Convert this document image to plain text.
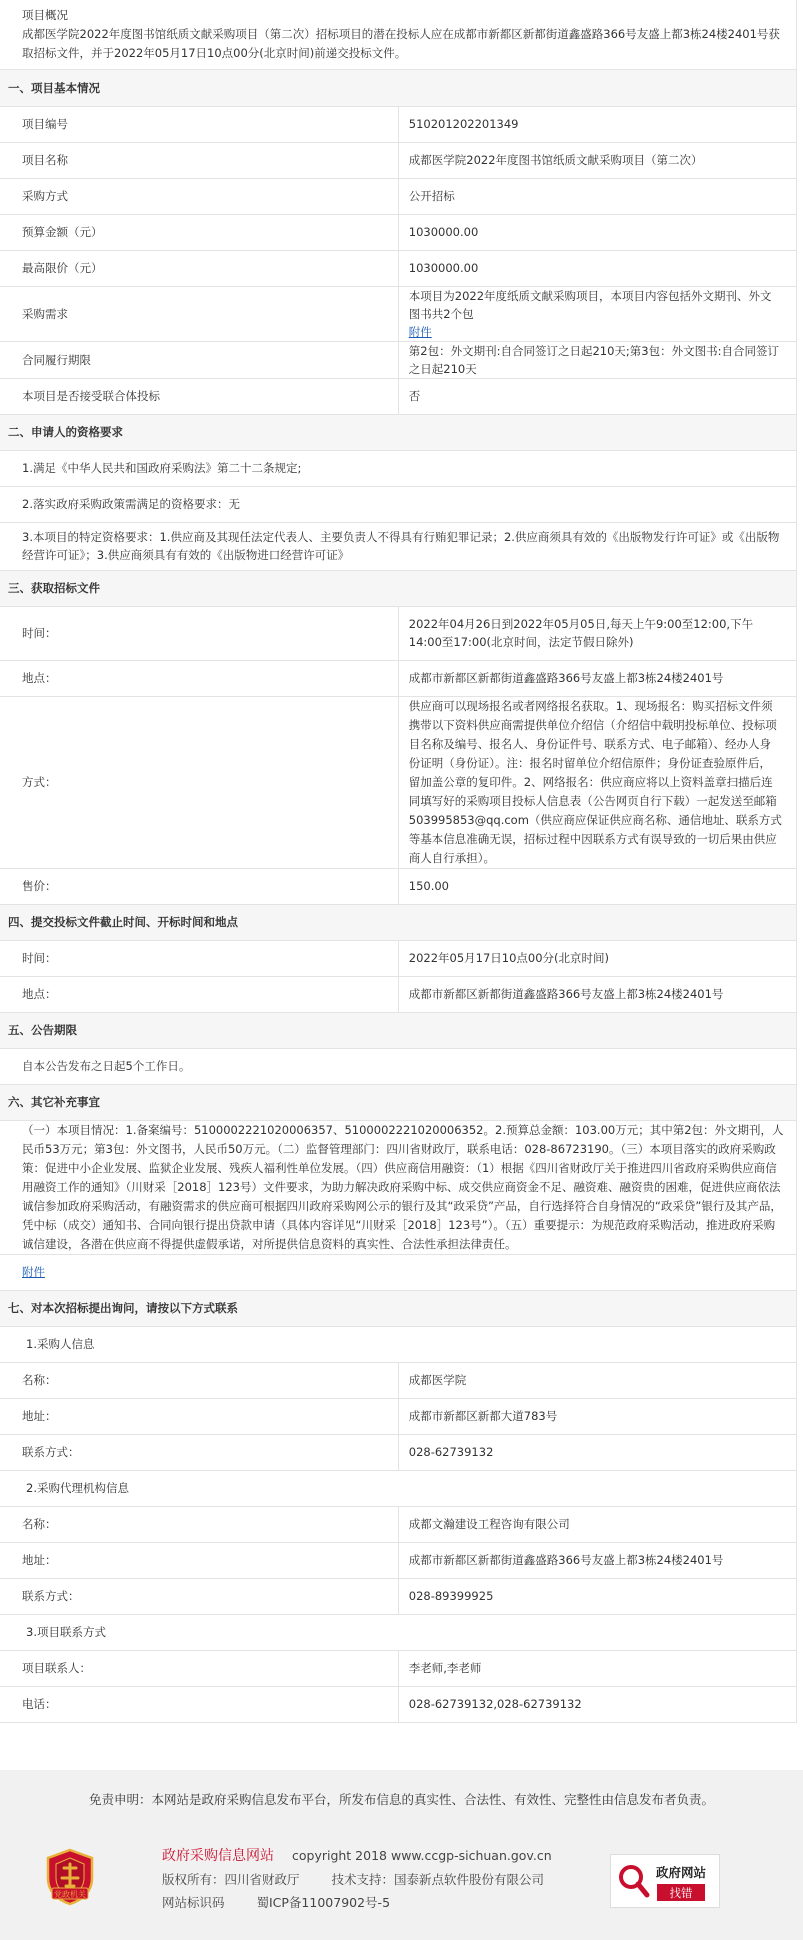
项目概况
成都医学院2022年度图书馆纸质文献采购项目（第二次）招标项目的潜在投标人应在成都市新都区新都街道鑫盛路366号友盛上都3栋24楼2401号获取招标文件，并于2022年05月17日10点00分(北京时间)前递交投标文件。
一、项目基本情况	
项目编号	510201202201349
项目名称	成都医学院2022年度图书馆纸质文献采购项目（第二次）
采购方式	公开招标
预算金额（元）	1030000.00
最高限价（元）	1030000.00
采购需求	本项目为2022年度纸质文献采购项目，本项目内容包括外文期刊、外文图书共2个包
附件
合同履行期限	第2包：外文期刊:自合同签订之日起210天;第3包：外文图书:自合同签订之日起210天
本项目是否接受联合体投标	否
二、申请人的资格要求	
1.满足《中华人民共和国政府采购法》第二十二条规定;	
2.落实政府采购政策需满足的资格要求：无	
3.本项目的特定资格要求：1.供应商及其现任法定代表人、主要负责人不得具有行贿犯罪记录；2.供应商须具有效的《出版物发行许可证》或《出版物经营许可证》；3.供应商须具有有效的《出版物进口经营许可证》	
三、获取招标文件	
时间：	2022年04月26日到2022年05月05日,每天上午9:00至12:00,下午14:00至17:00(北京时间，法定节假日除外)
地点：	成都市新都区新都街道鑫盛路366号友盛上都3栋24楼2401号
方式：	供应商可以现场报名或者网络报名获取。1、现场报名：购买招标文件须携带以下资料供应商需提供单位介绍信（介绍信中载明投标单位、投标项目名称及编号、报名人、身份证件号、联系方式、电子邮箱）、经办人身份证明（身份证）。注：报名时留单位介绍信原件；身份证查验原件后，留加盖公章的复印件。2、网络报名：供应商应将以上资料盖章扫描后连同填写好的采购项目投标人信息表（公告网页自行下载）一起发送至邮箱503995853@qq.com（供应商应保证供应商名称、通信地址、联系方式等基本信息准确无误，招标过程中因联系方式有误导致的一切后果由供应商人自行承担）。
售价：	150.00
四、提交投标文件截止时间、开标时间和地点	
时间：	2022年05月17日10点00分(北京时间)
地点：	成都市新都区新都街道鑫盛路366号友盛上都3栋24楼2401号
五、公告期限	
自本公告发布之日起5个工作日。	
六、其它补充事宜	
（一）本项目情况：1.备案编号：5100002221020006357、5100002221020006352。2.预算总金额：103.00万元；其中第2包：外文期刊，人民币53万元；第3包：外文图书，人民币50万元。（二）监督管理部门：四川省财政厅，联系电话：028-86723190。（三）本项目落实的政府采购政策：促进中小企业发展、监狱企业发展、残疾人福利性单位发展。（四）供应商信用融资：（1）根据《四川省财政厅关于推进四川省政府采购供应商信用融资工作的通知》（川财采［2018］123号）文件要求，为助力解决政府采购中标、成交供应商资金不足、融资难、融资贵的困难，促进供应商依法诚信参加政府采购活动，有融资需求的供应商可根据四川政府采购网公示的银行及其“政采贷”产品，自行选择符合自身情况的“政采贷”银行及其产品，凭中标（成交）通知书、合同向银行提出贷款申请（具体内容详见“川财采［2018］123号”）。（五）重要提示：为规范政府采购活动，推进政府采购诚信建设，各潜在供应商不得提供虚假承诺，对所提供信息资料的真实性、合法性承担法律责任。	
附件	
七、对本次招标提出询问，请按以下方式联系	
1.采购人信息	
名称：	成都医学院
地址：	成都市新都区新都大道783号
联系方式：	028-62739132
2.采购代理机构信息	
名称：	成都文瀚建设工程咨询有限公司
地址：	成都市新都区新都街道鑫盛路366号友盛上都3栋24楼2401号
联系方式：	028-89399925
3.项目联系方式	
项目联系人：	李老师,李老师
电话：	028-62739132,028-62739132
免责申明：本网站是政府采购信息发布平台，所发布信息的真实性、合法性、有效性、完整性由信息发布者负责。
党政机关
政府采购信息网站 copyright 2018 www.ccgp-sichuan.gov.cn
版权所有：四川省财政厅	技术支持：国泰新点软件股份有限公司
网站标识码	蜀ICP备11007902号-5
政府网站
找错
